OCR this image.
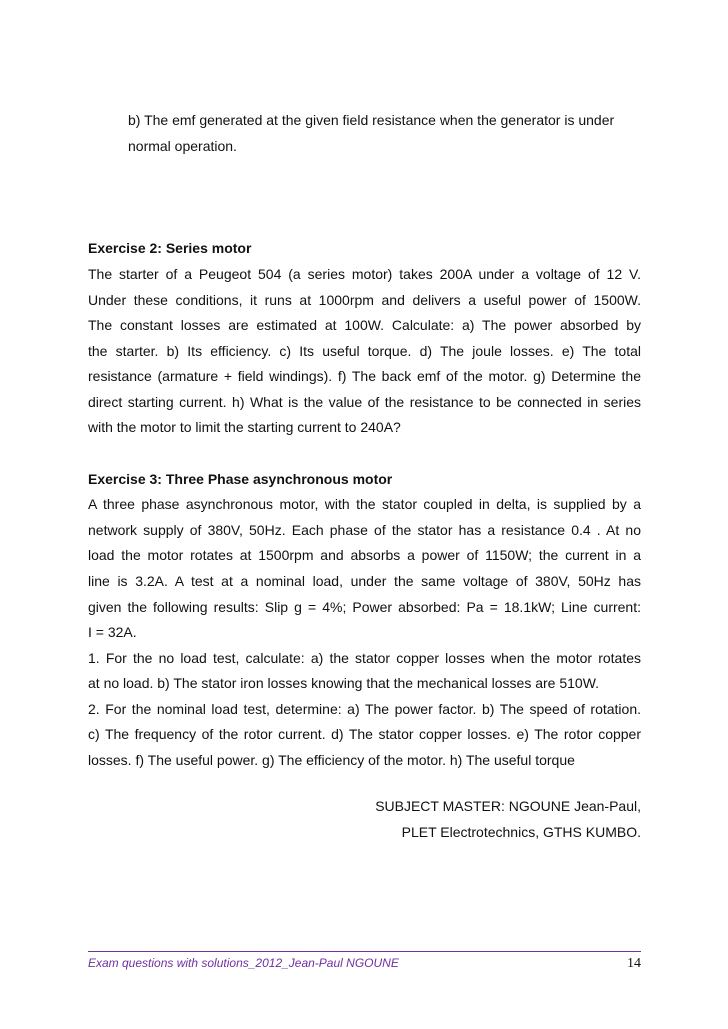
b) The emf generated at the given field resistance when the generator is under
normal operation.
Exercise 2: Series motor
The starter of a Peugeot 504 (a series motor) takes 200A under a voltage of 12 V.
Under these conditions, it runs at 1000rpm and delivers a useful power of 1500W.
The constant losses are estimated at 100W. Calculate: a) The power absorbed by
the starter. b) Its efficiency. c) Its useful torque. d) The joule losses. e) The total
resistance (armature + field windings). f) The back emf of the motor. g) Determine the
direct starting current. h) What is the value of the resistance to be connected in series
with the motor to limit the starting current to 240A?
Exercise 3: Three Phase asynchronous motor
A three phase asynchronous motor, with the stator coupled in delta, is supplied by a
network supply of 380V, 50Hz. Each phase of the stator has a resistance 0.4 . At no
load the motor rotates at 1500rpm and absorbs a power of 1150W; the current in a
line is 3.2A. A test at a nominal load, under the same voltage of 380V, 50Hz has
given the following results: Slip g = 4%; Power absorbed: Pa = 18.1kW; Line current:
I = 32A.
1. For the no load test, calculate: a) the stator copper losses when the motor rotates
at no load. b) The stator iron losses knowing that the mechanical losses are 510W.
2. For the nominal load test, determine: a) The power factor. b) The speed of rotation.
c) The frequency of the rotor current. d) The stator copper losses. e) The rotor copper
losses. f) The useful power. g) The efficiency of the motor. h) The useful torque
SUBJECT MASTER: NGOUNE Jean-Paul,
PLET Electrotechnics, GTHS KUMBO.
Exam questions with solutions_2012_Jean-Paul NGOUNE	14
